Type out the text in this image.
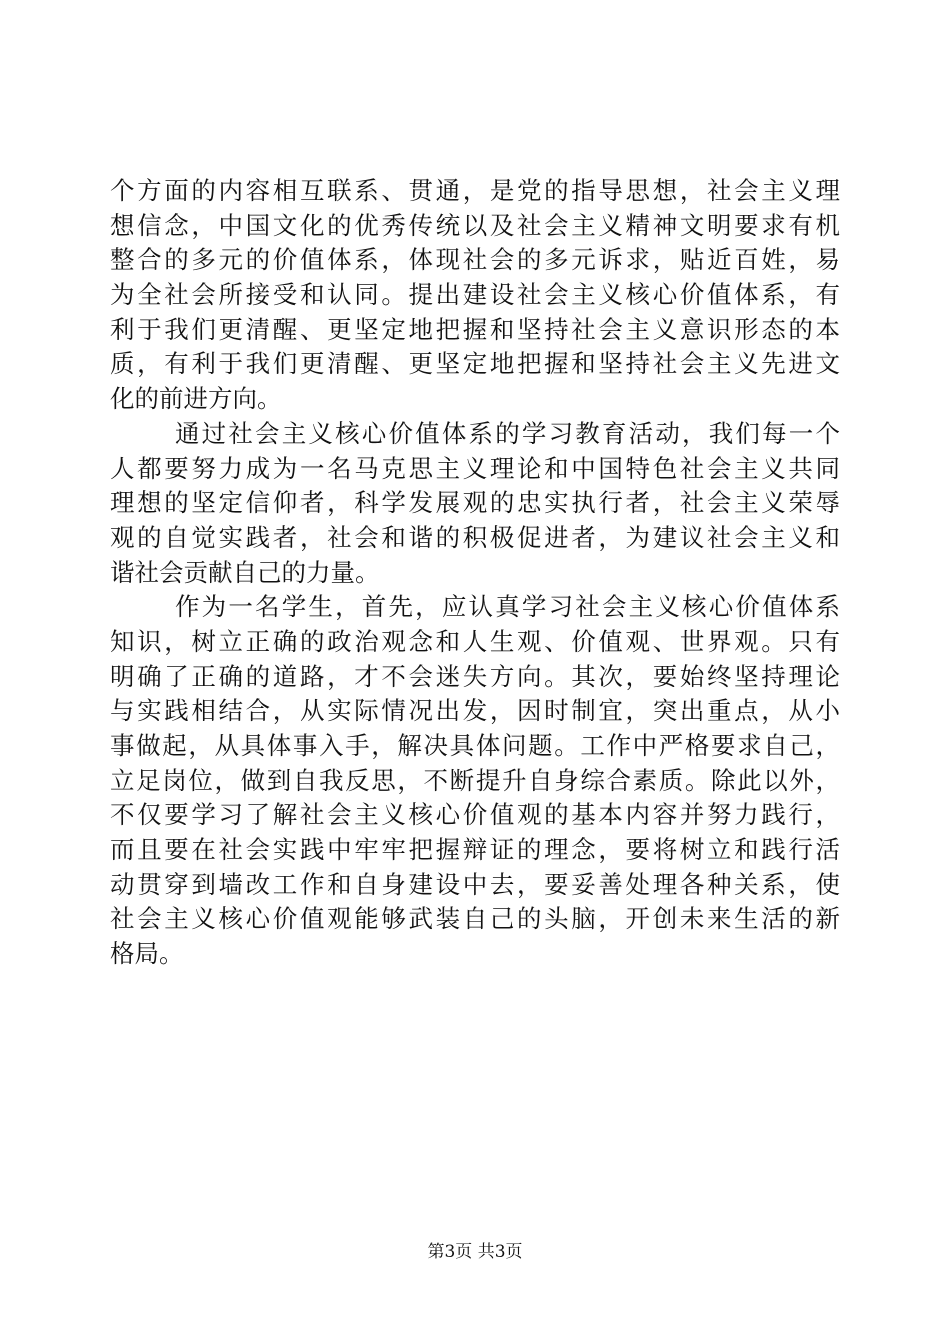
个方面的内容相互联系、贯通，是党的指导思想，社会主义理
想信念，中国文化的优秀传统以及社会主义精神文明要求有机
整合的多元的价值体系，体现社会的多元诉求，贴近百姓，易
为全社会所接受和认同。提出建设社会主义核心价值体系，有
利于我们更清醒、更坚定地把握和坚持社会主义意识形态的本
质，有利于我们更清醒、更坚定地把握和坚持社会主义先进文
化的前进方向。
通过社会主义核心价值体系的学习教育活动，我们每一个
人都要努力成为一名马克思主义理论和中国特色社会主义共同
理想的坚定信仰者，科学发展观的忠实执行者，社会主义荣辱
观的自觉实践者，社会和谐的积极促进者，为建议社会主义和
谐社会贡献自己的力量。
作为一名学生，首先，应认真学习社会主义核心价值体系
知识，树立正确的政治观念和人生观、价值观、世界观。只有
明确了正确的道路，才不会迷失方向。其次，要始终坚持理论
与实践相结合，从实际情况出发，因时制宜，突出重点，从小
事做起，从具体事入手，解决具体问题。工作中严格要求自己，
立足岗位，做到自我反思，不断提升自身综合素质。除此以外，
不仅要学习了解社会主义核心价值观的基本内容并努力践行，
而且要在社会实践中牢牢把握辩证的理念，要将树立和践行活
动贯穿到墙改工作和自身建设中去，要妥善处理各种关系，使
社会主义核心价值观能够武装自己的头脑，开创未来生活的新
格局。
第3页 共3页
